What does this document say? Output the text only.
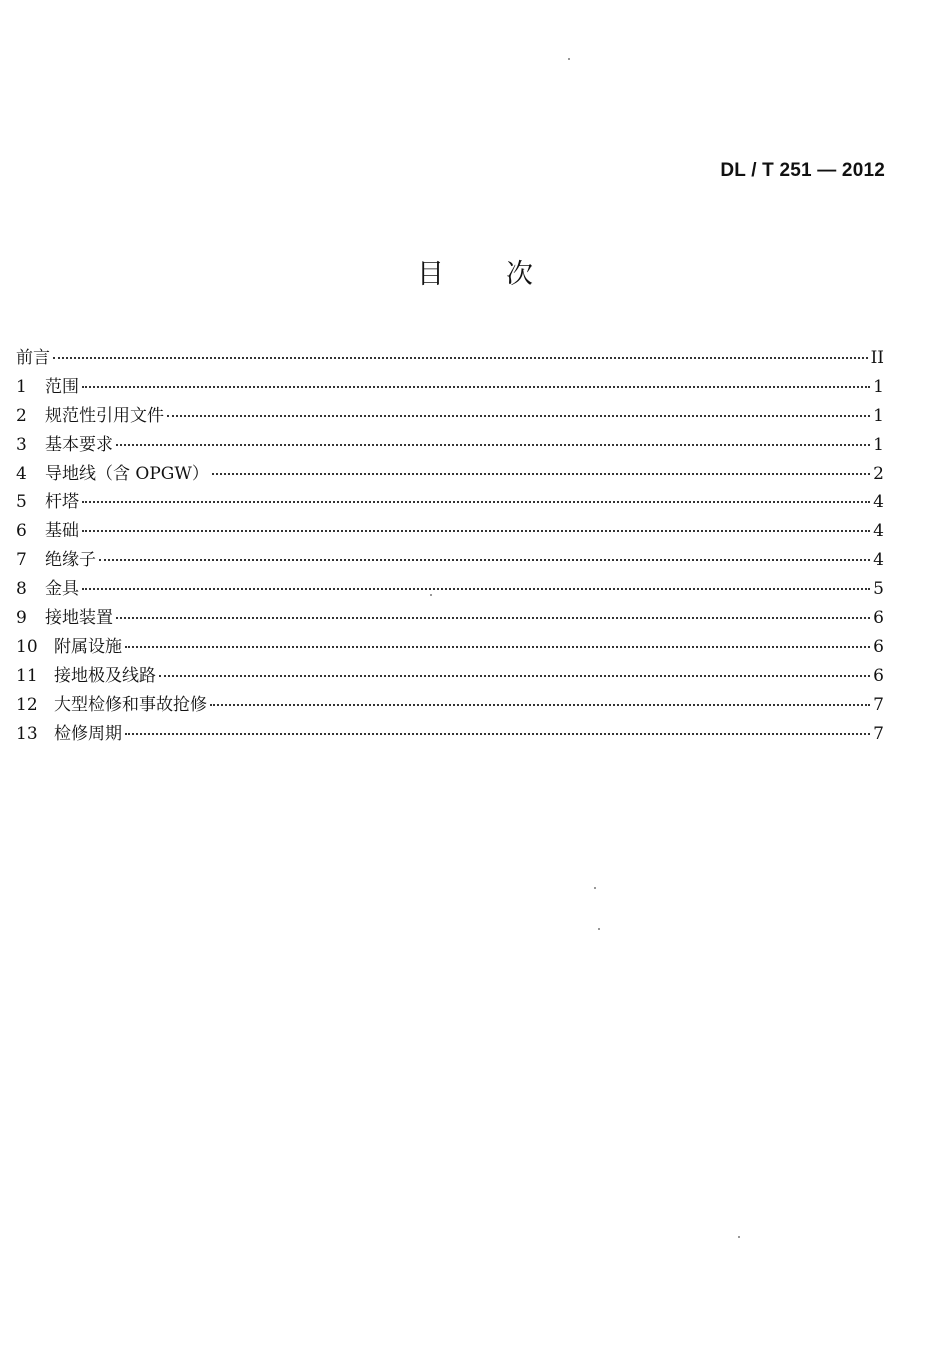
DL / T 251 — 2012
目次
前言	II
1	范围	1
2	规范性引用文件	1
3	基本要求	1
4	导地线（含 OPGW）	2
5	杆塔	4
6	基础	4
7	绝缘子	4
8	金具	5
9	接地装置	6
10 附属设施	6
11 接地极及线路	6
12 大型检修和事故抢修	7
13 检修周期	7
